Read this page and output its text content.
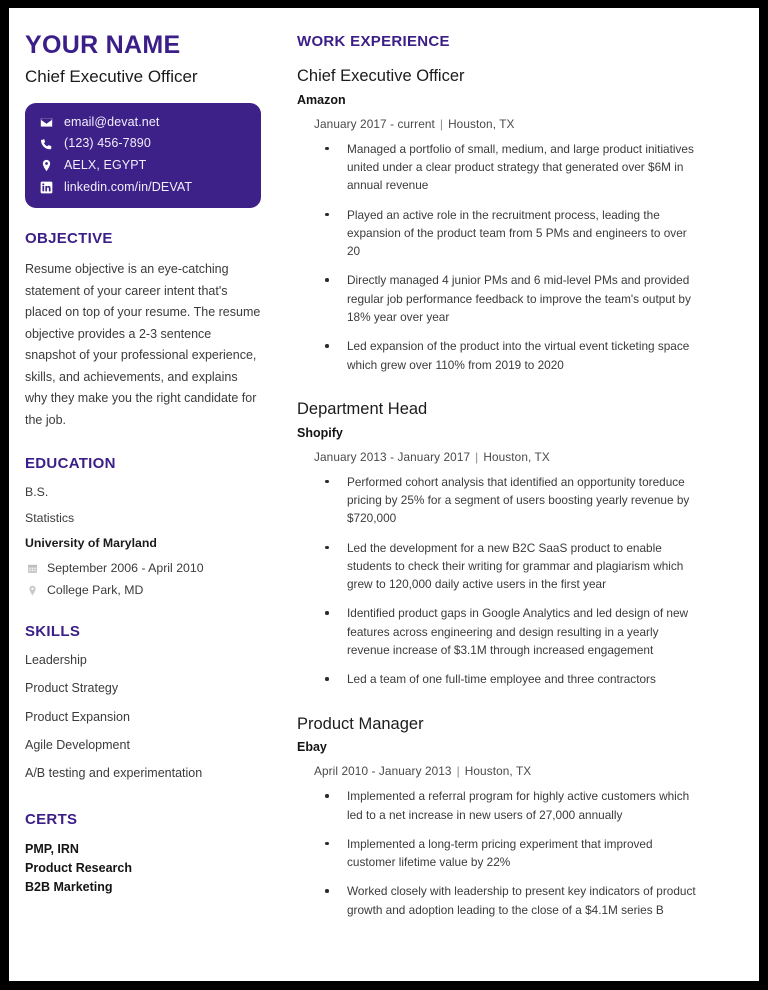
YOUR NAME
Chief Executive Officer
email@devat.net
(123) 456-7890
AELX, EGYPT
linkedin.com/in/DEVAT
OBJECTIVE

Resume objective is an eye-catching statement of your career intent that's placed on top of your resume. The resume objective provides a 2-3 sentence snapshot of your professional experience, skills, and achievements, and explains why they make you the right candidate for the job.

EDUCATION
B.S.
Statistics
University of Maryland
September 2006 - April 2010
College Park, MD
SKILLS
Leadership
Product Strategy
Product Expansion
Agile Development
A/B testing and experimentation
CERTS
PMP, IRN
Product Research
B2B Marketing
WORK EXPERIENCE
Chief Executive Officer
Amazon
January 2017 - current | Houston, TX
Managed a portfolio of small, medium, and large product initiatives united under a clear product strategy that generated over $6M in annual revenue
Played an active role in the recruitment process, leading the expansion of the product team from 5 PMs and engineers to over 20
Directly managed 4 junior PMs and 6 mid-level PMs and provided regular job performance feedback to improve the team's output by 18% year over year
Led expansion of the product into the virtual event ticketing space which grew over 110% from 2019 to 2020
Department Head
Shopify
January 2013 - January 2017 | Houston, TX
Performed cohort analysis that identified an opportunity toreduce pricing by 25% for a segment of users boosting yearly revenue by $720,000
Led the development for a new B2C SaaS product to enable students to check their writing for grammar and plagiarism which grew to 120,000 daily active users in the first year
Identified product gaps in Google Analytics and led design of new features across engineering and design resulting in a yearly revenue increase of $3.1M through increased engagement
Led a team of one full-time employee and three contractors
Product Manager
Ebay
April 2010 - January 2013 | Houston, TX
Implemented a referral program for highly active customers which led to a net increase in new users of 27,000 annually
Implemented a long-term pricing experiment that improved customer lifetime value by 22%
Worked closely with leadership to present key indicators of product growth and adoption leading to the close of a $4.1M series B
